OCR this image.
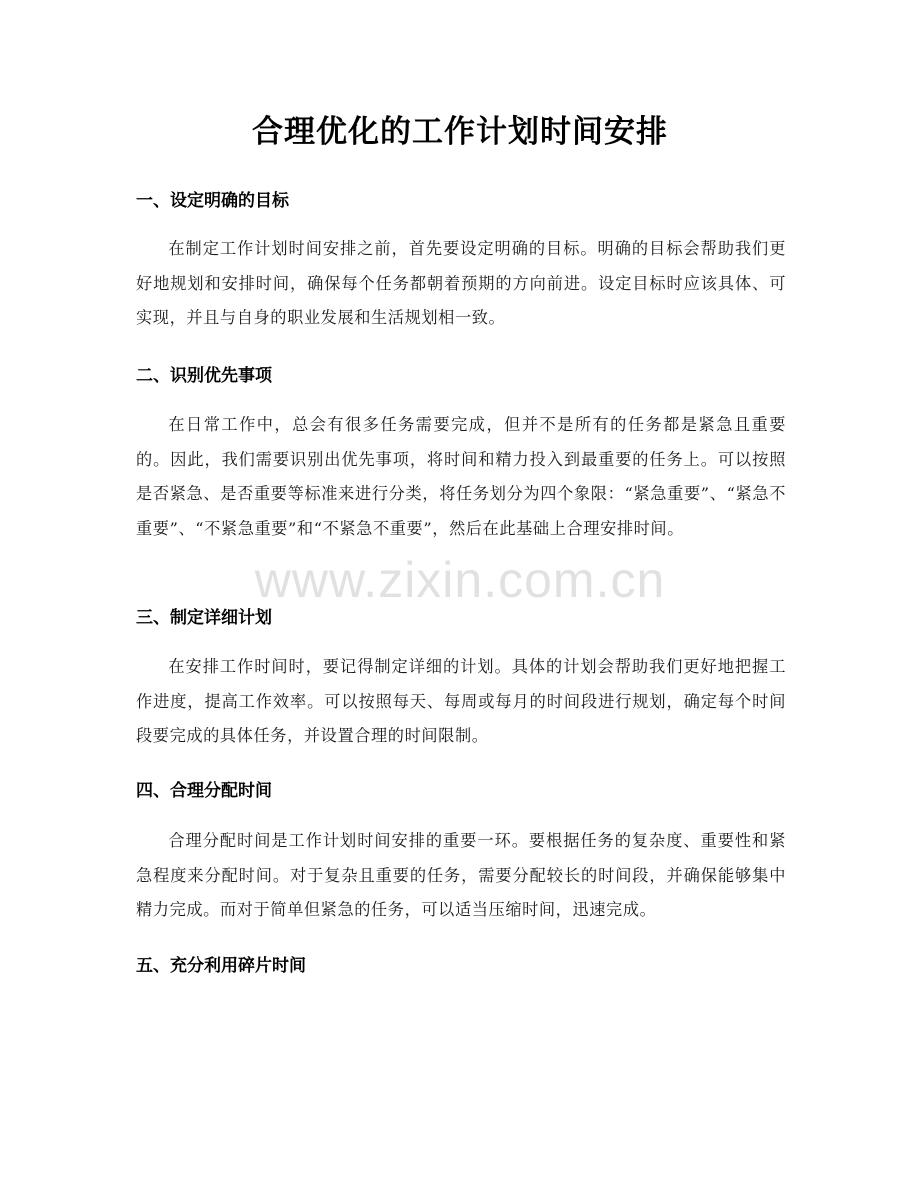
合理优化的工作计划时间安排
一、设定明确的目标
在制定工作计划时间安排之前，首先要设定明确的目标。明确的目标会帮助我们更好地规划和安排时间，确保每个任务都朝着预期的方向前进。设定目标时应该具体、可实现，并且与自身的职业发展和生活规划相一致。
二、识别优先事项
在日常工作中，总会有很多任务需要完成，但并不是所有的任务都是紧急且重要的。因此，我们需要识别出优先事项，将时间和精力投入到最重要的任务上。可以按照是否紧急、是否重要等标准来进行分类，将任务划分为四个象限：“紧急重要”、“紧急不重要”、“不紧急重要”和“不紧急不重要”，然后在此基础上合理安排时间。
三、制定详细计划
在安排工作时间时，要记得制定详细的计划。具体的计划会帮助我们更好地把握工作进度，提高工作效率。可以按照每天、每周或每月的时间段进行规划，确定每个时间段要完成的具体任务，并设置合理的时间限制。
四、合理分配时间
合理分配时间是工作计划时间安排的重要一环。要根据任务的复杂度、重要性和紧急程度来分配时间。对于复杂且重要的任务，需要分配较长的时间段，并确保能够集中精力完成。而对于简单但紧急的任务，可以适当压缩时间，迅速完成。
五、充分利用碎片时间
www.zixin.com.cn
